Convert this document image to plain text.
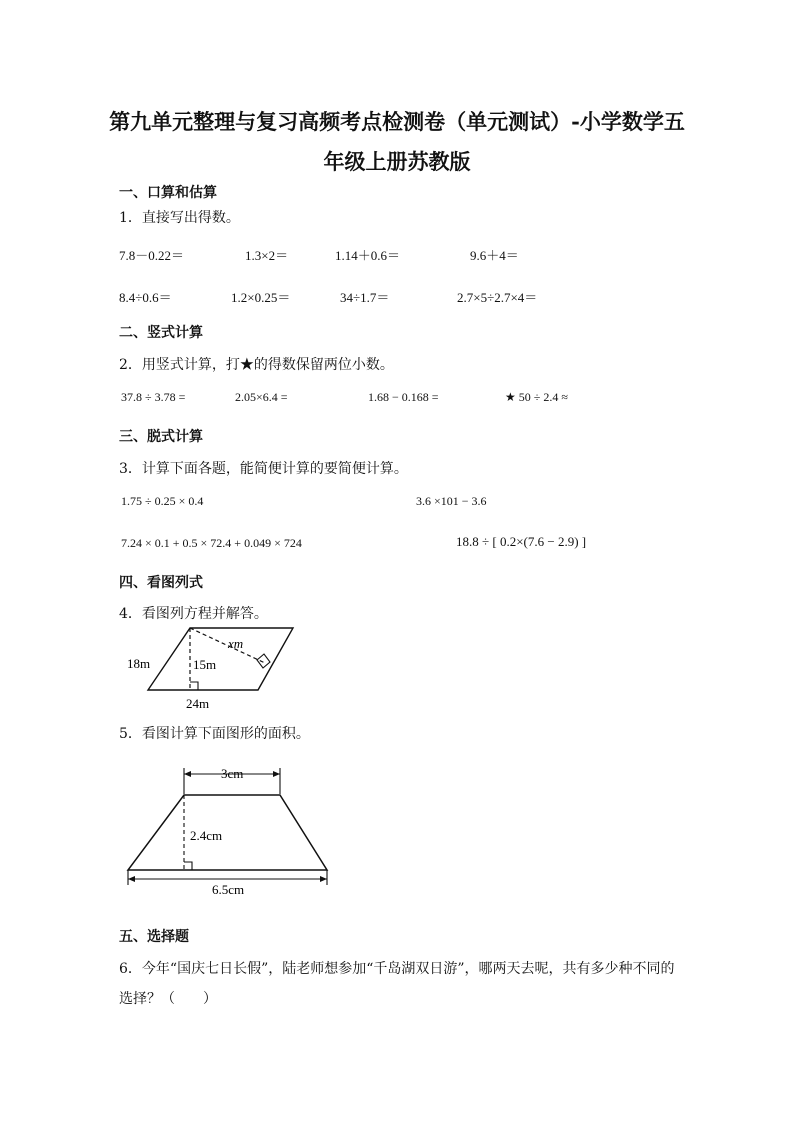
第九单元整理与复习高频考点检测卷（单元测试）-小学数学五
年级上册苏教版
一、口算和估算
1．直接写出得数。
7.8－0.22＝	1.3×2＝	1.14＋0.6＝	9.6＋4＝
8.4÷0.6＝	1.2×0.25＝	34÷1.7＝	2.7×5÷2.7×4＝
二、竖式计算
2．用竖式计算，打★的得数保留两位小数。
37.8 ÷ 3.78 =	2.05×6.4 =	1.68 − 0.168 =	★ 50 ÷ 2.4 ≈
三、脱式计算
3．计算下面各题，能简便计算的要简便计算。
1.75 ÷ 0.25 × 0.4	3.6 ×101 − 3.6
7.24 × 0.1 + 0.5 × 72.4 + 0.049 × 724	18.8 ÷ [ 0.2×(7.6 − 2.9) ]
四、看图列式
4．看图列方程并解答。
18m	15m
24m
xm
5．看图计算下面图形的面积。
3cm
2.4cm
6.5cm
五、选择题
6．今年“国庆七日长假”，陆老师想参加“千岛湖双日游”，哪两天去呢，共有多少种不同的
选择？（　　）
